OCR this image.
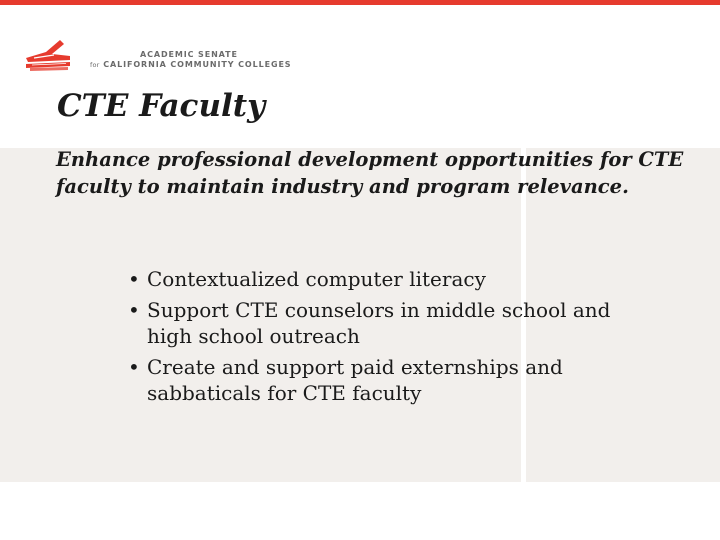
ACADEMIC SENATE
for CALIFORNIA COMMUNITY COLLEGES
CTE Faculty

Enhance professional development opportunities for CTE faculty to maintain industry and program relevance.

• Contextualized computer literacy
• Support CTE counselors in middle school and high school outreach
• Create and support paid externships and sabbaticals for CTE faculty
